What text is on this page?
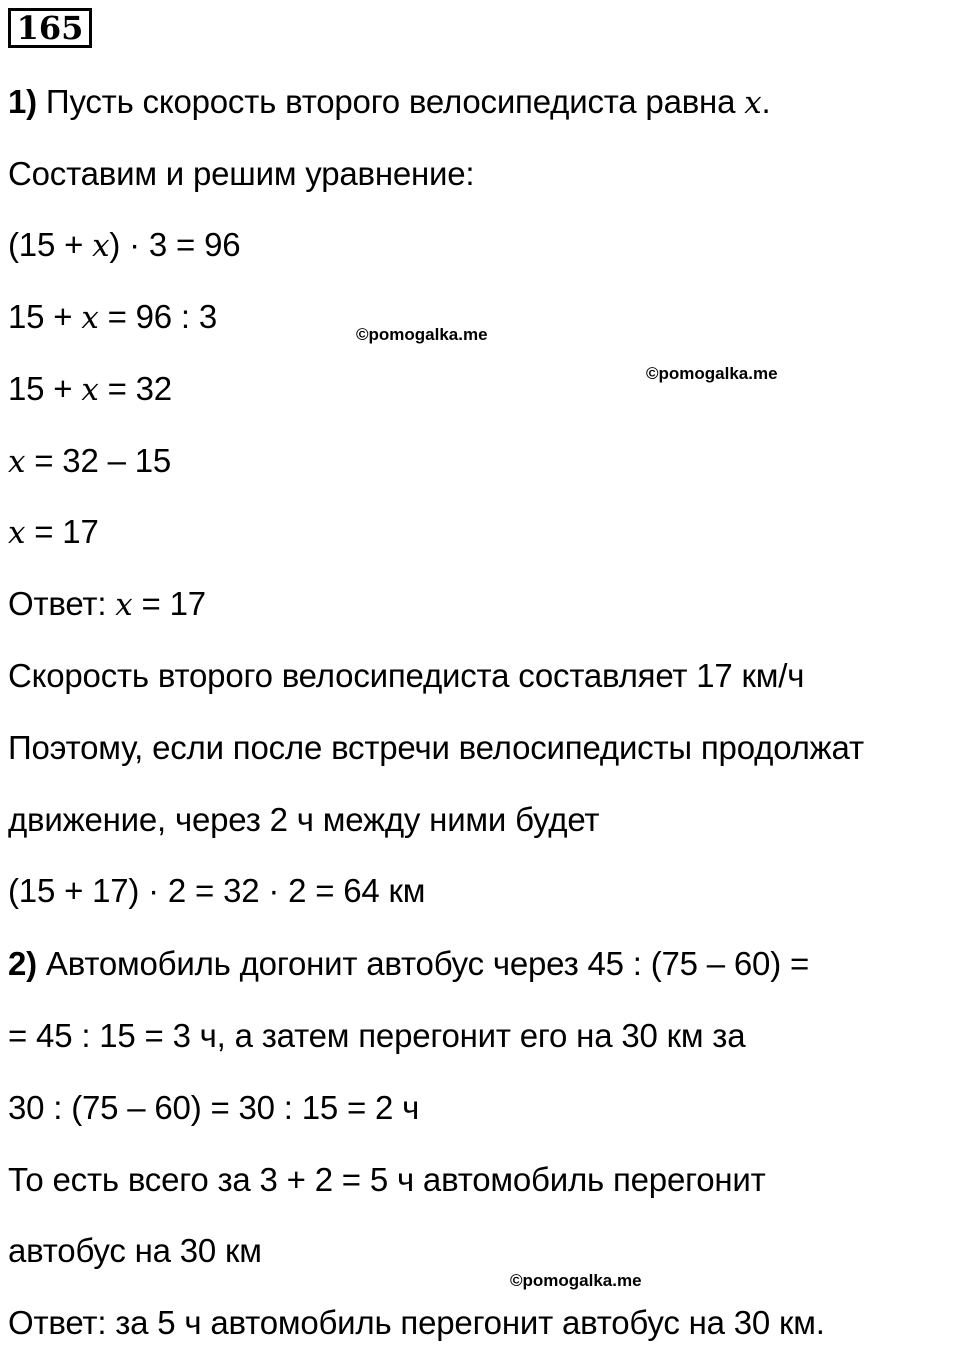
165
1) Пусть скорость второго велосипедиста равна x.
Составим и решим уравнение:
(15 + x) · 3 = 96
15 + x = 96 : 3
15 + x = 32
x = 32 – 15
x = 17
Ответ: x = 17
Скорость второго велосипедиста составляет 17 км/ч
Поэтому, если после встречи велосипедисты продолжат
движение, через 2 ч между ними будет
(15 + 17) · 2 = 32 · 2 = 64 км
2) Автомобиль догонит автобус через 45 : (75 – 60) =
= 45 : 15 = 3 ч, а затем перегонит его на 30 км за
30 : (75 – 60) = 30 : 15 = 2 ч
То есть всего за 3 + 2 = 5 ч автомобиль перегонит
автобус на 30 км
Ответ: за 5 ч автомобиль перегонит автобус на 30 км.
©pomogalka.me
©pomogalka.me
©pomogalka.me
